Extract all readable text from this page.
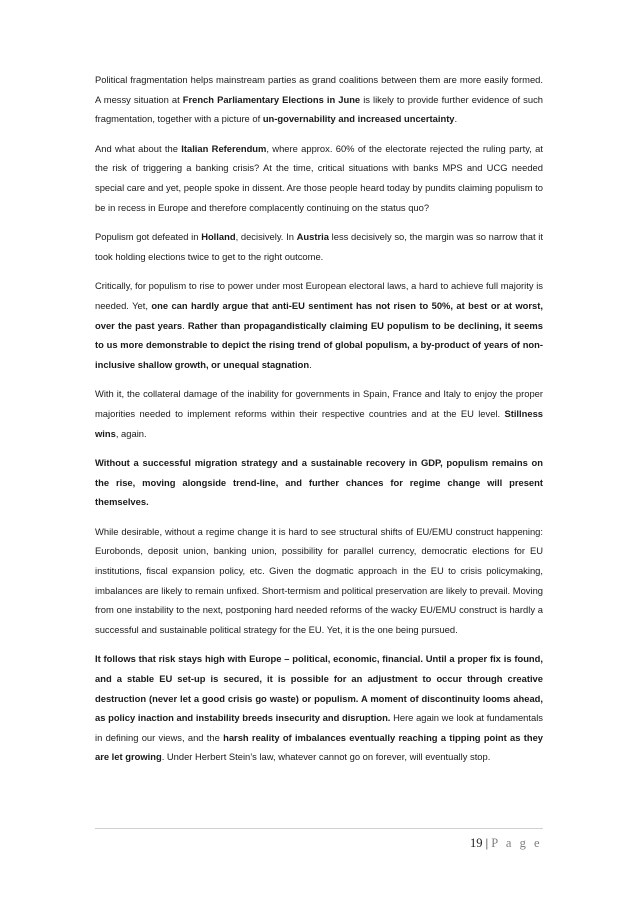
Political fragmentation helps mainstream parties as grand coalitions between them are more easily formed. A messy situation at French Parliamentary Elections in June is likely to provide further evidence of such fragmentation, together with a picture of un-governability and increased uncertainty.

And what about the Italian Referendum, where approx. 60% of the electorate rejected the ruling party, at the risk of triggering a banking crisis? At the time, critical situations with banks MPS and UCG needed special care and yet, people spoke in dissent. Are those people heard today by pundits claiming populism to be in recess in Europe and therefore complacently continuing on the status quo?

Populism got defeated in Holland, decisively. In Austria less decisively so, the margin was so narrow that it took holding elections twice to get to the right outcome.

Critically, for populism to rise to power under most European electoral laws, a hard to achieve full majority is needed. Yet, one can hardly argue that anti-EU sentiment has not risen to 50%, at best or at worst, over the past years. Rather than propagandistically claiming EU populism to be declining, it seems to us more demonstrable to depict the rising trend of global populism, a by-product of years of non-inclusive shallow growth, or unequal stagnation.

With it, the collateral damage of the inability for governments in Spain, France and Italy to enjoy the proper majorities needed to implement reforms within their respective countries and at the EU level. Stillness wins, again.

Without a successful migration strategy and a sustainable recovery in GDP, populism remains on the rise, moving alongside trend-line, and further chances for regime change will present themselves.

While desirable, without a regime change it is hard to see structural shifts of EU/EMU construct happening: Eurobonds, deposit union, banking union, possibility for parallel currency, democratic elections for EU institutions, fiscal expansion policy, etc. Given the dogmatic approach in the EU to crisis policymaking, imbalances are likely to remain unfixed. Short-termism and political preservation are likely to prevail. Moving from one instability to the next, postponing hard needed reforms of the wacky EU/EMU construct is hardly a successful and sustainable political strategy for the EU. Yet, it is the one being pursued.

It follows that risk stays high with Europe – political, economic, financial. Until a proper fix is found, and a stable EU set-up is secured, it is possible for an adjustment to occur through creative destruction (never let a good crisis go waste) or populism. A moment of discontinuity looms ahead, as policy inaction and instability breeds insecurity and disruption. Here again we look at fundamentals in defining our views, and the harsh reality of imbalances eventually reaching a tipping point as they are let growing. Under Herbert Stein’s law, whatever cannot go on forever, will eventually stop.

19 | P a g e
